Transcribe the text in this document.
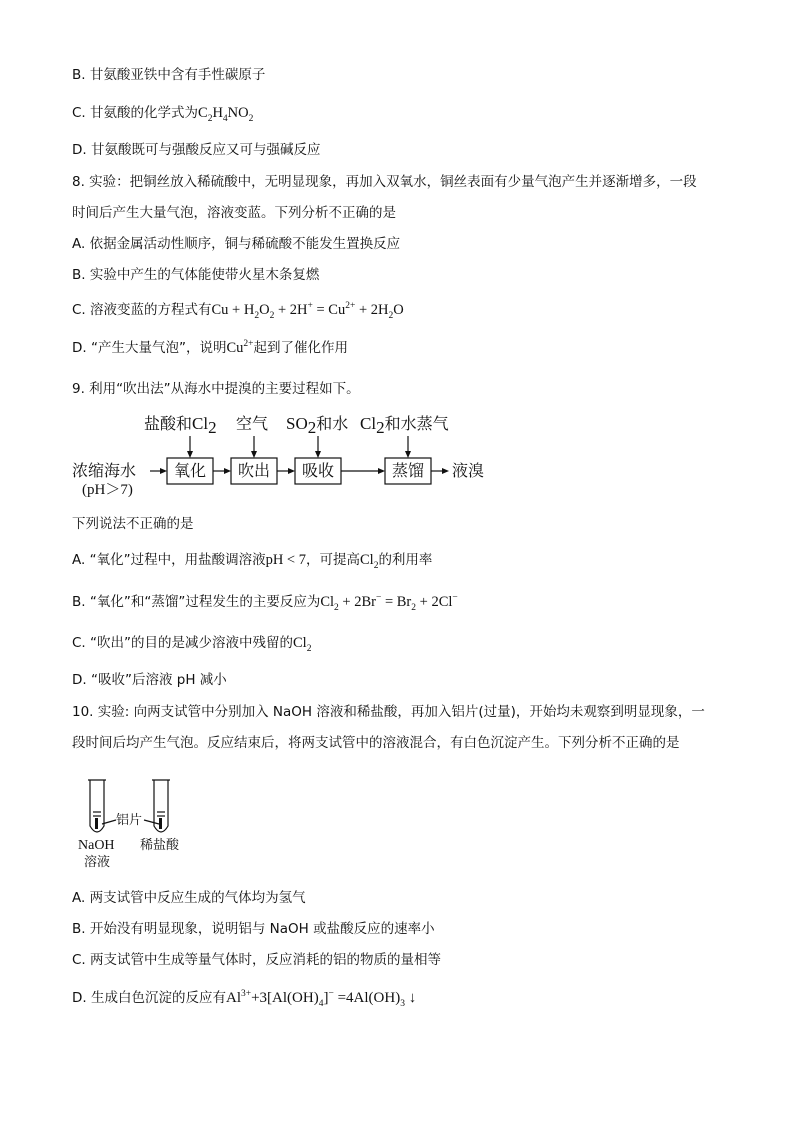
B. 甘氨酸亚铁中含有手性碳原子
C. 甘氨酸的化学式为$C_2H_4NO_2$
D. 甘氨酸既可与强酸反应又可与强碱反应
8. 实验：把铜丝放入稀硫酸中，无明显现象，再加入双氧水，铜丝表面有少量气泡产生并逐渐增多，一段
时间后产生大量气泡，溶液变蓝。下列分析不正确的是
A. 依据金属活动性顺序，铜与稀硫酸不能发生置换反应
B. 实验中产生的气体能使带火星木条复燃
C. 溶液变蓝的方程式有$Cu + H_2O_2 + 2H^+ = Cu^{2+} + 2H_2O$
D. “产生大量气泡”，说明$Cu^{2+}$起到了催化作用
9. 利用“吹出法”从海水中提溴的主要过程如下。
盐酸和$Cl_2$ 空气 $SO_2$和水 $Cl_2$和水蒸气
浓缩海水
(pH＞7)
氧化 吹出 吸收	蒸馏 液溴
下列说法不正确的是
A. “氧化”过程中，用盐酸调溶液pH < 7，可提高$Cl_2$的利用率
B. “氧化”和“蒸馏”过程发生的主要反应为$Cl_2 + 2Br^- = Br_2 + 2Cl^-$
C. “吹出”的目的是减少溶液中残留的$Cl_2$
D. “吸收”后溶液 pH 减小
10. 实验: 向两支试管中分别加入 NaOH 溶液和稀盐酸，再加入铝片(过量)，开始均未观察到明显现象，一
段时间后均产生气泡。反应结束后，将两支试管中的溶液混合，有白色沉淀产生。下列分析不正确的是
铝片
NaOH
溶液
稀盐酸
A. 两支试管中反应生成的气体均为氢气
B. 开始没有明显现象，说明铝与 NaOH 或盐酸反应的速率小
C. 两支试管中生成等量气体时，反应消耗的铝的物质的量相等
D. 生成白色沉淀的反应有$Al^{3+}+3[Al(OH)_4]^- =4Al(OH)_3$ ↓
